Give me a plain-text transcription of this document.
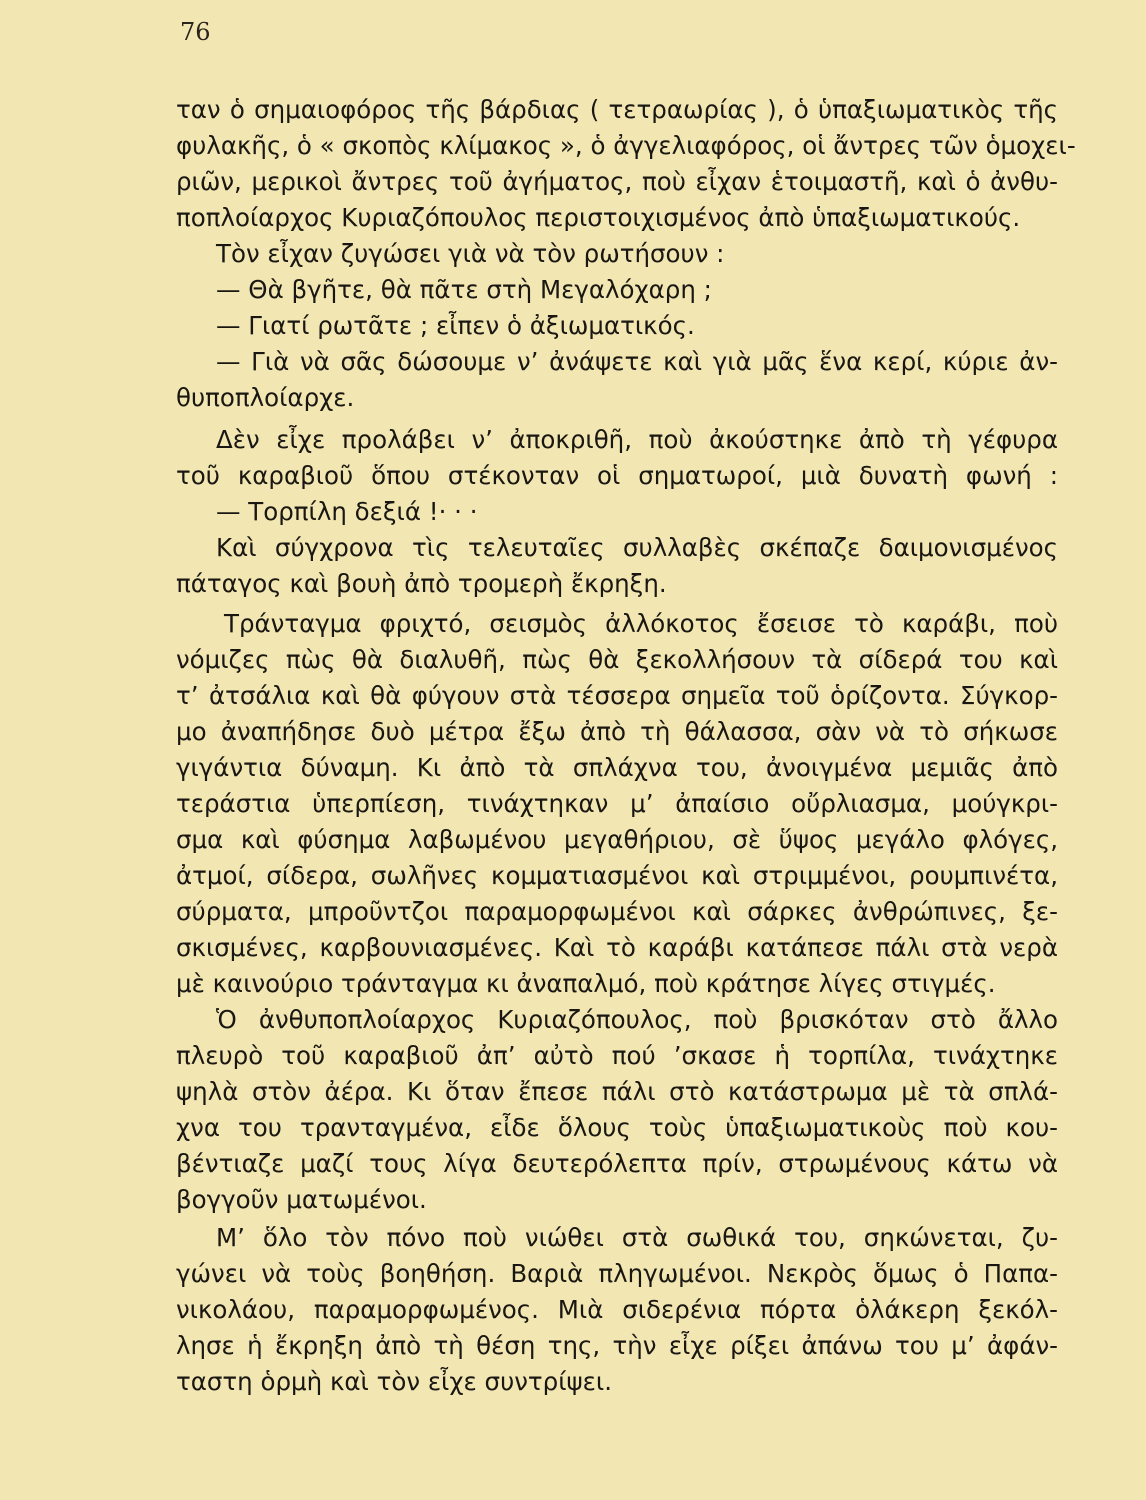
76
ταν ὁ σημαιοφόρος τῆς βάρδιας ( τετραωρίας ), ὁ ὑπαξιωματικὸς τῆς
φυλακῆς, ὁ « σκοπὸς κλίμακος », ὁ ἀγγελιαφόρος, οἱ ἄντρες τῶν ὁμοχει-
ριῶν, μερικοὶ ἄντρες τοῦ ἀγήματος, ποὺ εἶχαν ἑτοιμαστῆ, καὶ ὁ ἀνθυ-
ποπλοίαρχος Κυριαζόπουλος περιστοιχισμένος ἀπὸ ὑπαξιωματικούς.
Τὸν εἶχαν ζυγώσει γιὰ νὰ τὸν ρωτήσουν :
— Θὰ βγῆτε, θὰ πᾶτε στὴ Μεγαλόχαρη ;
— Γιατί ρωτᾶτε ; εἶπεν ὁ ἀξιωματικός.
— Γιὰ νὰ σᾶς δώσουμε ν’ ἀνάψετε καὶ γιὰ μᾶς ἕνα κερί, κύριε ἀν-
θυποπλοίαρχε.
Δὲν εἶχε προλάβει ν’ ἀποκριθῆ, ποὺ ἀκούστηκε ἀπὸ τὴ γέφυρα
τοῦ καραβιοῦ ὅπου στέκονταν οἱ σηματωροί, μιὰ δυνατὴ φωνή :
— Τορπίλη δεξιά !· · ·
Καὶ σύγχρονα τὶς τελευταῖες συλλαβὲς σκέπαζε δαιμονισμένος
πάταγος καὶ βουὴ ἀπὸ τρομερὴ ἔκρηξη.
Τράνταγμα φριχτό, σεισμὸς ἀλλόκοτος ἔσεισε τὸ καράβι, ποὺ
νόμιζες πὼς θὰ διαλυθῆ, πὼς θὰ ξεκολλήσουν τὰ σίδερά του καὶ
τ’ ἀτσάλια καὶ θὰ φύγουν στὰ τέσσερα σημεῖα τοῦ ὁρίζοντα. Σύγκορ-
μο ἀναπήδησε δυὸ μέτρα ἔξω ἀπὸ τὴ θάλασσα, σὰν νὰ τὸ σήκωσε
γιγάντια δύναμη. Κι ἀπὸ τὰ σπλάχνα του, ἀνοιγμένα μεμιᾶς ἀπὸ
τεράστια ὑπερπίεση, τινάχτηκαν μ’ ἀπαίσιο οὔρλιασμα, μούγκρι-
σμα καὶ φύσημα λαβωμένου μεγαθήριου, σὲ ὕψος μεγάλο φλόγες,
ἀτμοί, σίδερα, σωλῆνες κομματιασμένοι καὶ στριμμένοι, ρουμπινέτα,
σύρματα, μπροῦντζοι παραμορφωμένοι καὶ σάρκες ἀνθρώπινες, ξε-
σκισμένες, καρβουνιασμένες. Καὶ τὸ καράβι κατάπεσε πάλι στὰ νερὰ
μὲ καινούριο τράνταγμα κι ἀναπαλμό, ποὺ κράτησε λίγες στιγμές.
Ὁ ἀνθυποπλοίαρχος Κυριαζόπουλος, ποὺ βρισκόταν στὸ ἄλλο
πλευρὸ τοῦ καραβιοῦ ἀπ’ αὐτὸ πού ’σκασε ἡ τορπίλα, τινάχτηκε
ψηλὰ στὸν ἀέρα. Κι ὅταν ἔπεσε πάλι στὸ κατάστρωμα μὲ τὰ σπλά-
χνα του τρανταγμένα, εἶδε ὅλους τοὺς ὑπαξιωματικοὺς ποὺ κου-
βέντιαζε μαζί τους λίγα δευτερόλεπτα πρίν, στρωμένους κάτω νὰ
βογγοῦν ματωμένοι.
Μ’ ὅλο τὸν πόνο ποὺ νιώθει στὰ σωθικά του, σηκώνεται, ζυ-
γώνει νὰ τοὺς βοηθήση. Βαριὰ πληγωμένοι. Νεκρὸς ὅμως ὁ Παπα-
νικολάου, παραμορφωμένος. Μιὰ σιδερένια πόρτα ὁλάκερη ξεκόλ-
λησε ἡ ἔκρηξη ἀπὸ τὴ θέση της, τὴν εἶχε ρίξει ἀπάνω του μ’ ἀφάν-
ταστη ὁρμὴ καὶ τὸν εἶχε συντρίψει.
